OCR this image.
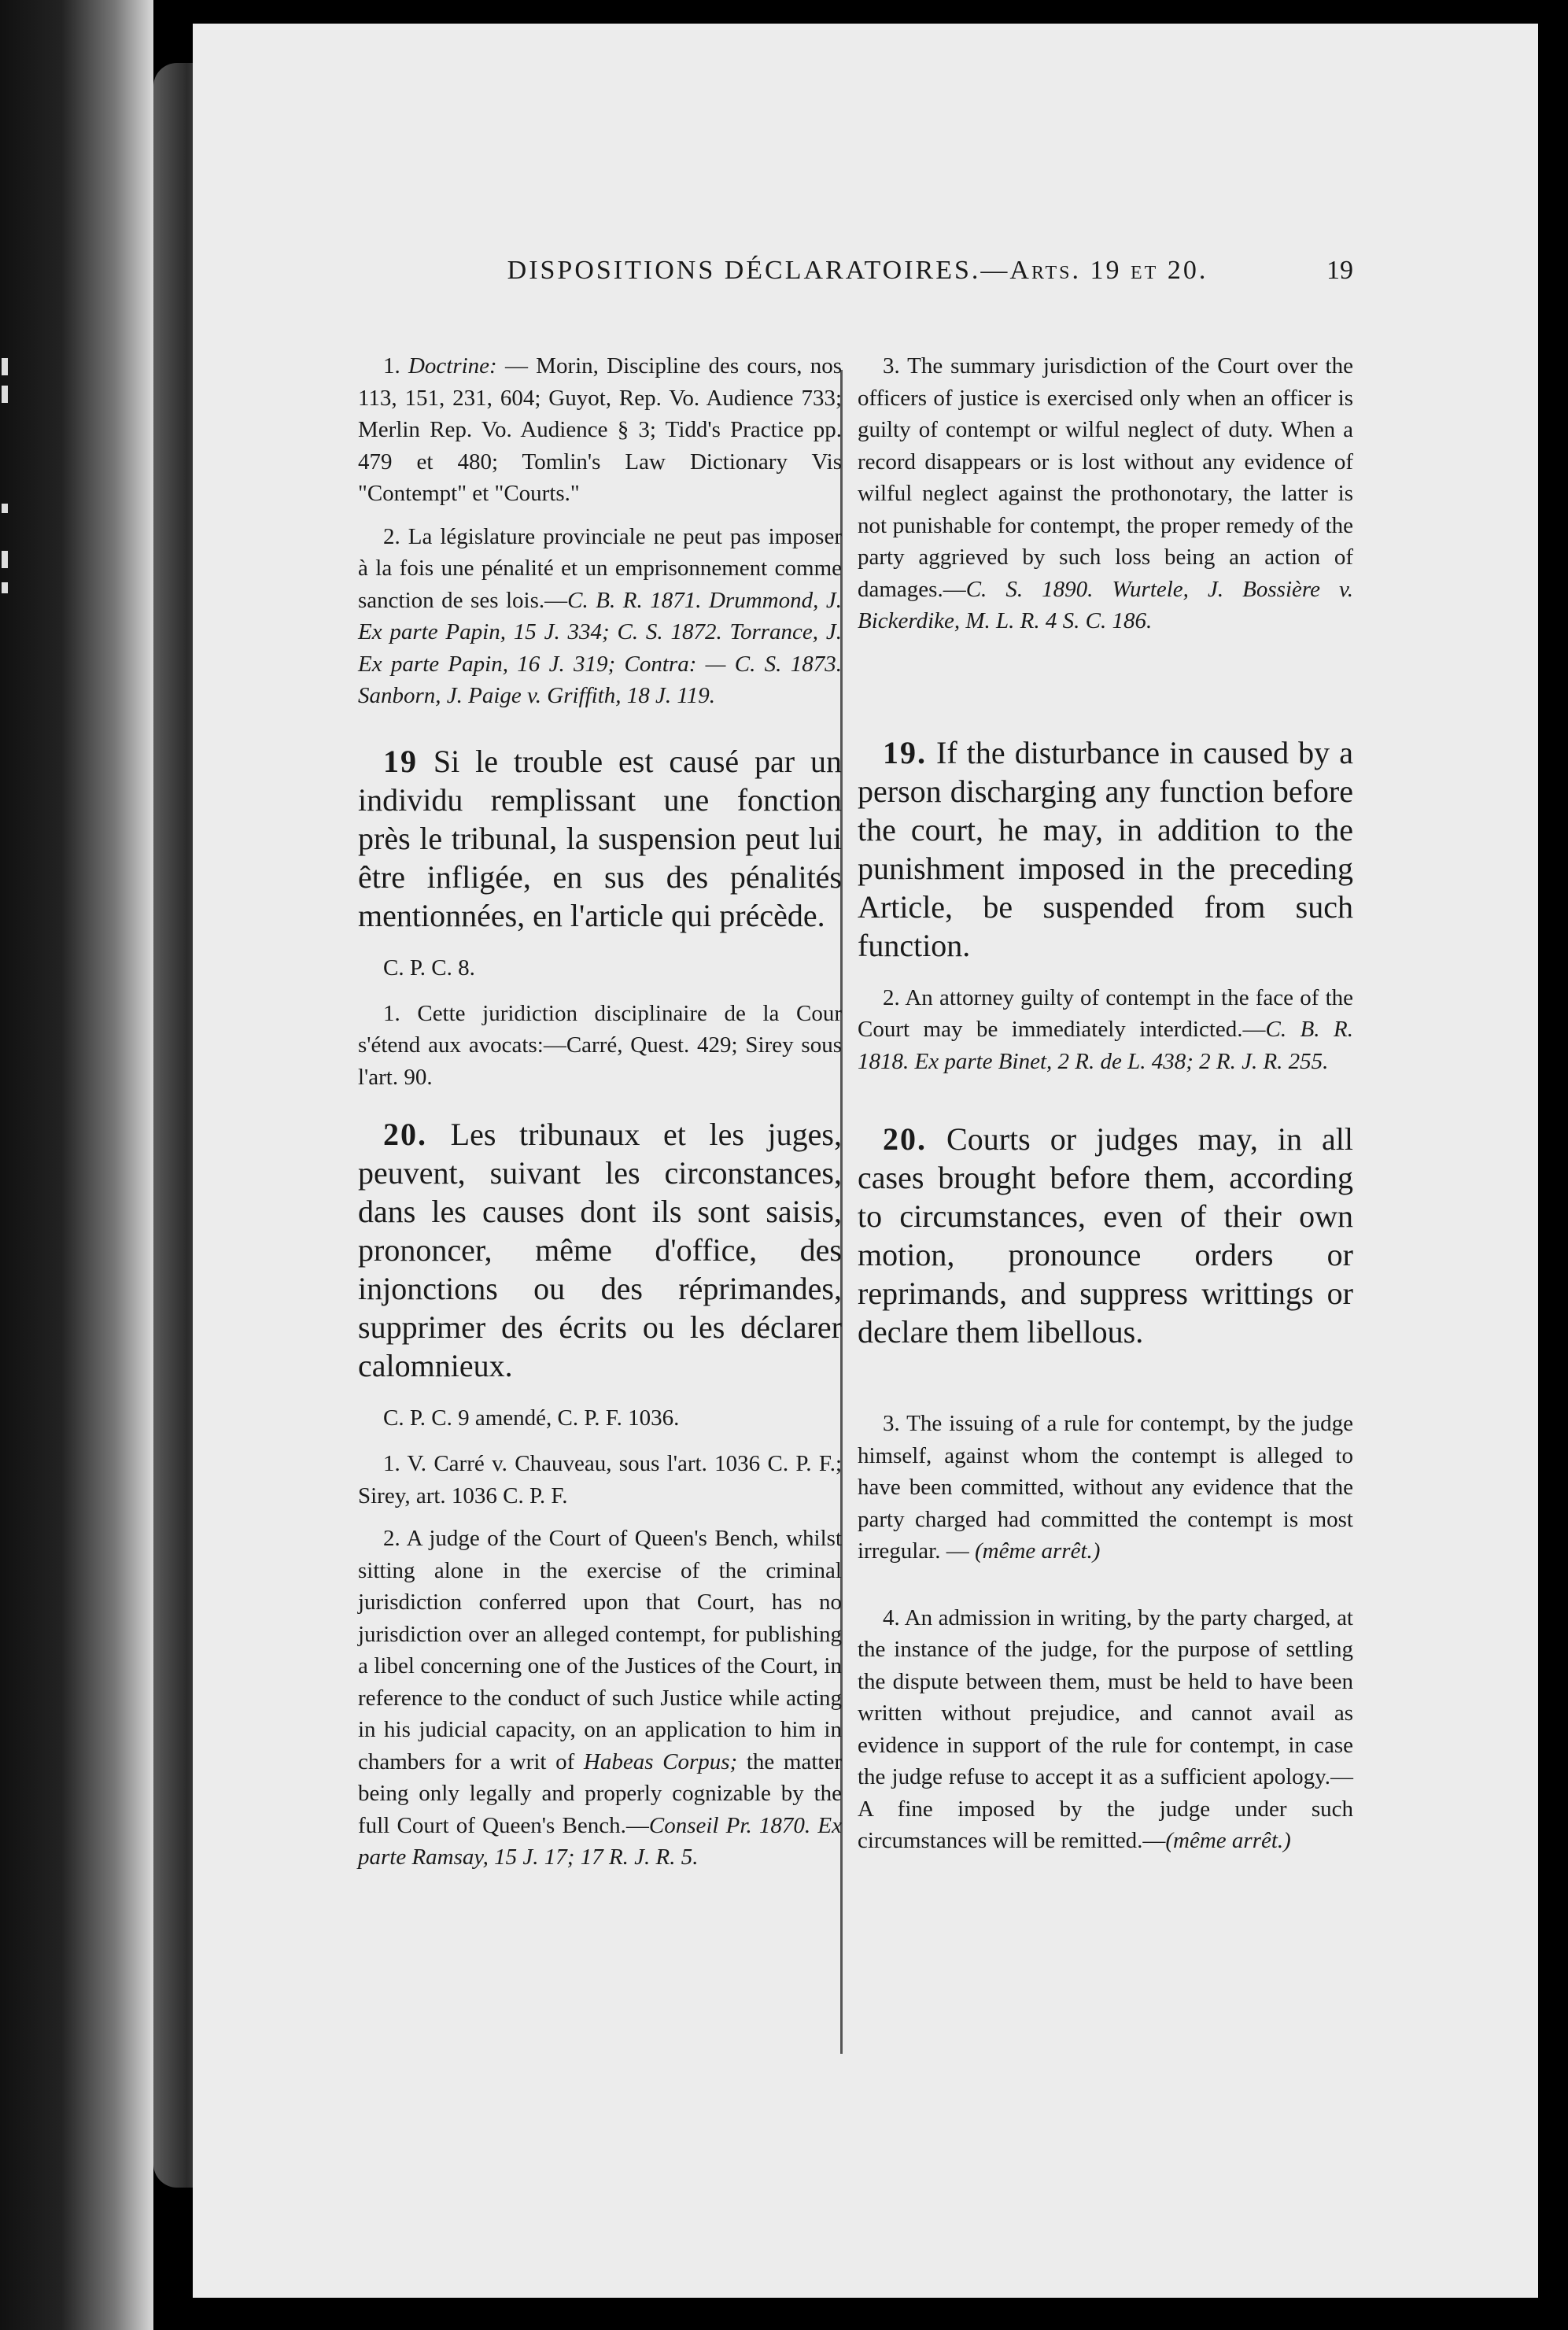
DISPOSITIONS DÉCLARATOIRES.—Arts. 19 et 20.	19

1. Doctrine: — Morin, Discipline des cours, nos 113, 151, 231, 604; Guyot, Rep. Vo. Audience 733; Merlin Rep. Vo. Audience § 3; Tidd's Practice pp. 479 et 480; Tomlin's Law Dictionary Vis "Contempt" et "Courts."

2. La législature provinciale ne peut pas imposer à la fois une pénalité et un emprisonnement comme sanction de ses lois.—C. B. R. 1871. Drummond, J. Ex parte Papin, 15 J. 334; C. S. 1872. Torrance, J. Ex parte Papin, 16 J. 319; Contra: — C. S. 1873. Sanborn, J. Paige v. Griffith, 18 J. 119.

19 Si le trouble est causé par un individu remplissant une fonction près le tribunal, la suspension peut lui être infligée, en sus des pénalités mentionnées, en l'article qui précède.

C. P. C. 8.

1. Cette juridiction disciplinaire de la Cour s'étend aux avocats:—Carré, Quest. 429; Sirey sous l'art. 90.

20. Les tribunaux et les juges, peuvent, suivant les circonstances, dans les causes dont ils sont saisis, prononcer, même d'office, des injonctions ou des réprimandes, supprimer des écrits ou les déclarer calomnieux.

C. P. C. 9 amendé, C. P. F. 1036.

1. V. Carré v. Chauveau, sous l'art. 1036 C. P. F.; Sirey, art. 1036 C. P. F.

2. A judge of the Court of Queen's Bench, whilst sitting alone in the exercise of the criminal jurisdiction conferred upon that Court, has no jurisdiction over an alleged contempt, for publishing a libel concerning one of the Justices of the Court, in reference to the conduct of such Justice while acting in his judicial capacity, on an application to him in chambers for a writ of Habeas Corpus; the matter being only legally and properly cognizable by the full Court of Queen's Bench.—Conseil Pr. 1870. Ex parte Ramsay, 15 J. 17; 17 R. J. R. 5.

3. The summary jurisdiction of the Court over the officers of justice is exercised only when an officer is guilty of contempt or wilful neglect of duty. When a record disappears or is lost without any evidence of wilful neglect against the prothonotary, the latter is not punishable for contempt, the proper remedy of the party aggrieved by such loss being an action of damages.—C. S. 1890. Wurtele, J. Bossière v. Bickerdike, M. L. R. 4 S. C. 186.

19. If the disturbance in caused by a person discharging any function before the court, he may, in addition to the punishment imposed in the preceding Article, be suspended from such function.

2. An attorney guilty of contempt in the face of the Court may be immediately interdicted.—C. B. R. 1818. Ex parte Binet, 2 R. de L. 438; 2 R. J. R. 255.

20. Courts or judges may, in all cases brought before them, according to circumstances, even of their own motion, pronounce orders or reprimands, and suppress writtings or declare them libellous.

3. The issuing of a rule for contempt, by the judge himself, against whom the contempt is alleged to have been committed, without any evidence that the party charged had committed the contempt is most irregular. — (même arrêt.)

4. An admission in writing, by the party charged, at the instance of the judge, for the purpose of settling the dispute between them, must be held to have been written without prejudice, and cannot avail as evidence in support of the rule for contempt, in case the judge refuse to accept it as a sufficient apology.—A fine imposed by the judge under such circumstances will be remitted.—(même arrêt.)
